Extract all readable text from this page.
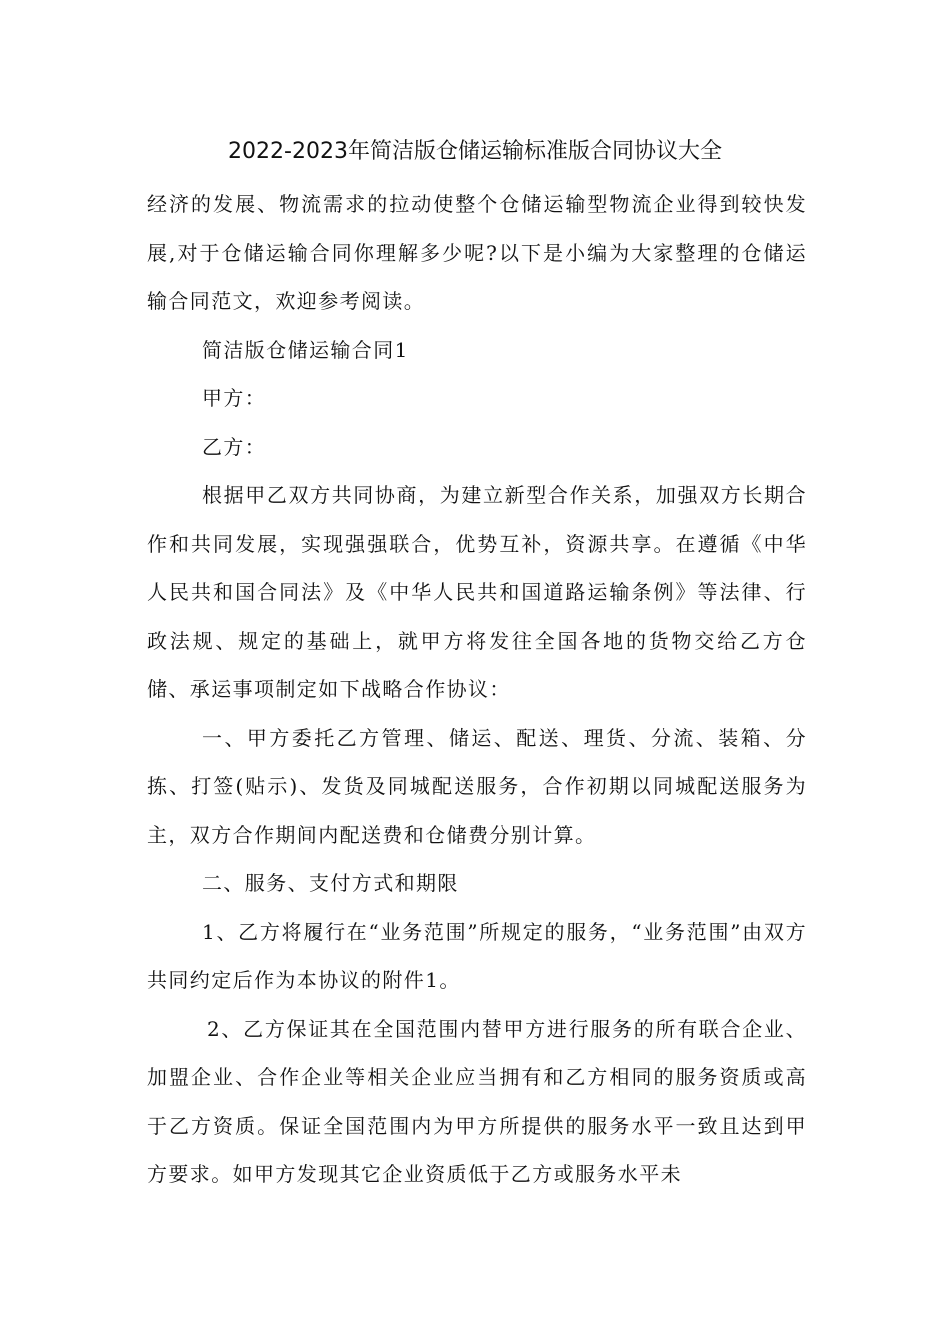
2022-2023年简洁版仓储运输标准版合同协议大全

经济的发展、物流需求的拉动使整个仓储运输型物流企业得到较快发展,对于仓储运输合同你理解多少呢?以下是小编为大家整理的仓储运输合同范文，欢迎参考阅读。

简洁版仓储运输合同1

甲方：

乙方：

根据甲乙双方共同协商，为建立新型合作关系，加强双方长期合作和共同发展，实现强强联合，优势互补，资源共享。在遵循《中华人民共和国合同法》及《中华人民共和国道路运输条例》等法律、行政法规、规定的基础上，就甲方将发往全国各地的货物交给乙方仓储、承运事项制定如下战略合作协议：

一、甲方委托乙方管理、储运、配送、理货、分流、装箱、分拣、打签(贴示)、发货及同城配送服务，合作初期以同城配送服务为主，双方合作期间内配送费和仓储费分别计算。

二、服务、支付方式和期限

1、乙方将履行在“业务范围”所规定的服务，“业务范围”由双方共同约定后作为本协议的附件1。

2、乙方保证其在全国范围内替甲方进行服务的所有联合企业、加盟企业、合作企业等相关企业应当拥有和乙方相同的服务资质或高于乙方资质。保证全国范围内为甲方所提供的服务水平一致且达到甲方要求。如甲方发现其它企业资质低于乙方或服务水平未
